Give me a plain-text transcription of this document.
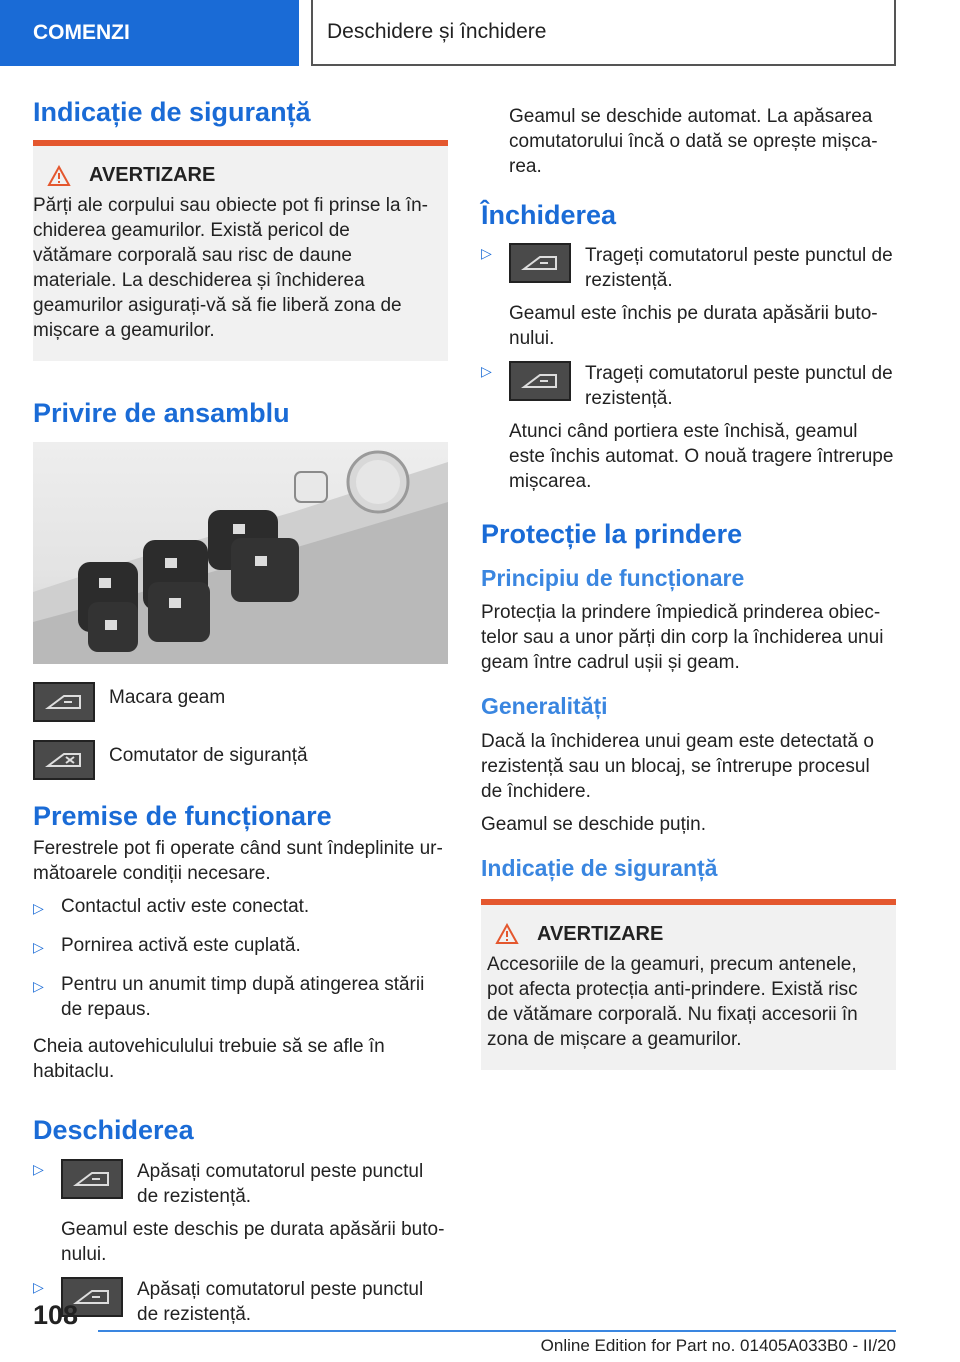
COMENZI	Deschidere și închidere
Indicație de siguranță
AVERTIZARE

Părți ale corpului sau obiecte pot fi prinse la închiderea geamurilor. Există pericol de vătămare corporală sau risc de daune materiale. La deschiderea și închiderea geamurilor asigurați-vă să fie liberă zona de mișcare a geamurilor.

Privire de ansamblu

Macara geam

Comutator de siguranță

Premise de funcționare

Ferestrele pot fi operate când sunt îndeplinite următoarele condiții necesare.

▷ Contactul activ este conectat.
▷ Pornirea activă este cuplată.
▷ Pentru un anumit timp după atingerea stării de repaus.

Cheia autovehiculului trebuie să se afle în habitaclu.

Deschiderea
▷	Apăsați comutatorul peste punctul de rezistență.

Geamul este deschis pe durata apăsării butonului.

▷	Apăsați comutatorul peste punctul de rezistență.

Geamul se deschide automat. La apăsarea comutatorului încă o dată se oprește mișcarea.

Închiderea
▷	Trageți comutatorul peste punctul de rezistență.

Geamul este închis pe durata apăsării butonului.

▷	Trageți comutatorul peste punctul de rezistență.

Atunci când portiera este închisă, geamul este închis automat. O nouă tragere întrerupe mișcarea.

Protecție la prindere
Principiu de funcționare

Protecția la prindere împiedică prinderea obiectelor sau a unor părți din corp la închiderea unui geam între cadrul ușii și geam.

Generalități

Dacă la închiderea unui geam este detectată o rezistență sau un blocaj, se întrerupe procesul de închidere.

Geamul se deschide puțin.

Indicație de siguranță
AVERTIZARE

Accesoriile de la geamuri, precum antenele, pot afecta protecția anti-prindere. Există risc de vătămare corporală. Nu fixați accesorii în zona de mișcare a geamurilor.

108
Online Edition for Part no. 01405A033B0 - II/20
